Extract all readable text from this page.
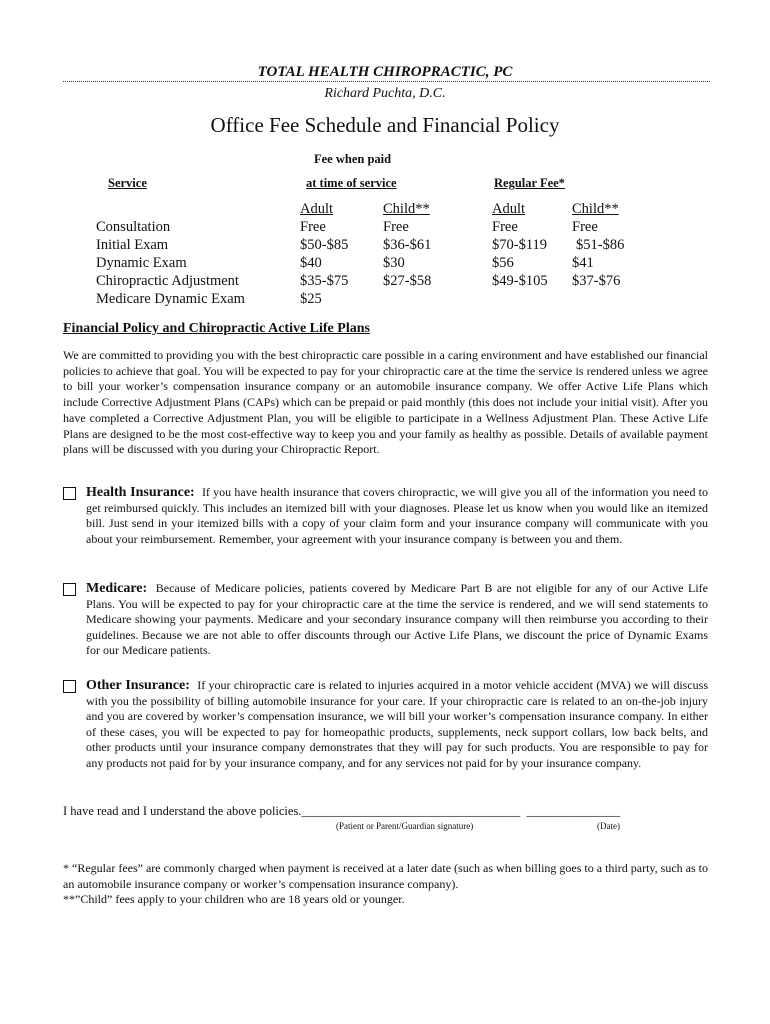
TOTAL HEALTH CHIROPRACTIC, PC
Richard Puchta, D.C.
Office Fee Schedule and Financial Policy
Fee when paid
Service	at time of service	Regular Fee*
Adult	Child**	Adult	Child**
Consultation	Free	Free	Free	Free
Initial Exam	$50-$85 $36-$61	$70-$119 $51-$86
Dynamic Exam	$40	$30	$56	$41
Chiropractic Adjustment	$35-$75 $27-$58	$49-$105 $37-$76
Medicare Dynamic Exam	$25
Financial Policy and Chiropractic Active Life Plans
We are committed to providing you with the best chiropractic care possible in a caring environment and have established our financial policies to achieve that goal. You will be expected to pay for your chiropractic care at the time the service is rendered unless we agree to bill your worker’s compensation insurance company or an automobile insurance company. We offer Active Life Plans which include Corrective Adjustment Plans (CAPs) which can be prepaid or paid monthly (this does not include your initial visit). After you have completed a Corrective Adjustment Plan, you will be eligible to participate in a Wellness Adjustment Plan. These Active Life Plans are designed to be the most cost-effective way to keep you and your family as healthy as possible. Details of available payment plans will be discussed with you during your Chiropractic Report.
Health Insurance: If you have health insurance that covers chiropractic, we will give you all of the information you need to get reimbursed quickly. This includes an itemized bill with your diagnoses. Please let us know when you would like an itemized bill. Just send in your itemized bills with a copy of your claim form and your insurance company will communicate with you about your reimbursement. Remember, your agreement with your insurance company is between you and them.
Medicare: Because of Medicare policies, patients covered by Medicare Part B are not eligible for any of our Active Life Plans. You will be expected to pay for your chiropractic care at the time the service is rendered, and we will send statements to Medicare showing your payments. Medicare and your secondary insurance company will then reimburse you according to their guidelines. Because we are not able to offer discounts through our Active Life Plans, we discount the price of Dynamic Exams for our Medicare patients.
Other Insurance: If your chiropractic care is related to injuries acquired in a motor vehicle accident (MVA) we will discuss with you the possibility of billing automobile insurance for your care. If your chiropractic care is related to an on-the-job injury and you are covered by worker’s compensation insurance, we will bill your worker’s compensation insurance company. In either of these cases, you will be expected to pay for homeopathic products, supplements, neck support collars, low back belts, and other products until your insurance company demonstrates that they will pay for such products. You are responsible to pay for any products not paid for by your insurance company, and for any services not paid for by your insurance company.
I have read and I understand the above policies.___________________________________ _______________
(Patient or Parent/Guardian signature)	(Date)
* “Regular fees” are commonly charged when payment is received at a later date (such as when billing goes to a third party, such as to an automobile insurance company or worker’s compensation insurance company).
**”Child” fees apply to your children who are 18 years old or younger.
